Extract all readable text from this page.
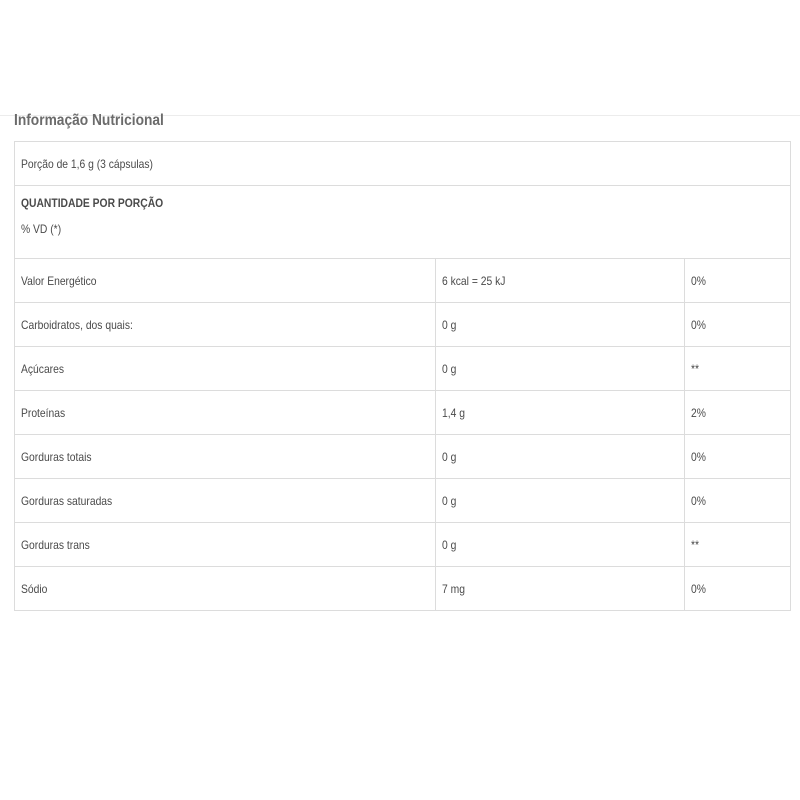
Informação Nutricional
Porção de 1,6 g (3 cápsulas)		

QUANTIDADE POR PORÇÃO
% VD (*)		

Valor Energético	6 kcal = 25 kJ	0%
Carboidratos, dos quais:	0 g	0%
Açúcares	0 g	**
Proteínas	1,4 g	2%
Gorduras totais	0 g	0%
Gorduras saturadas	0 g	0%
Gorduras trans	0 g	**
Sódio	7 mg	0%
